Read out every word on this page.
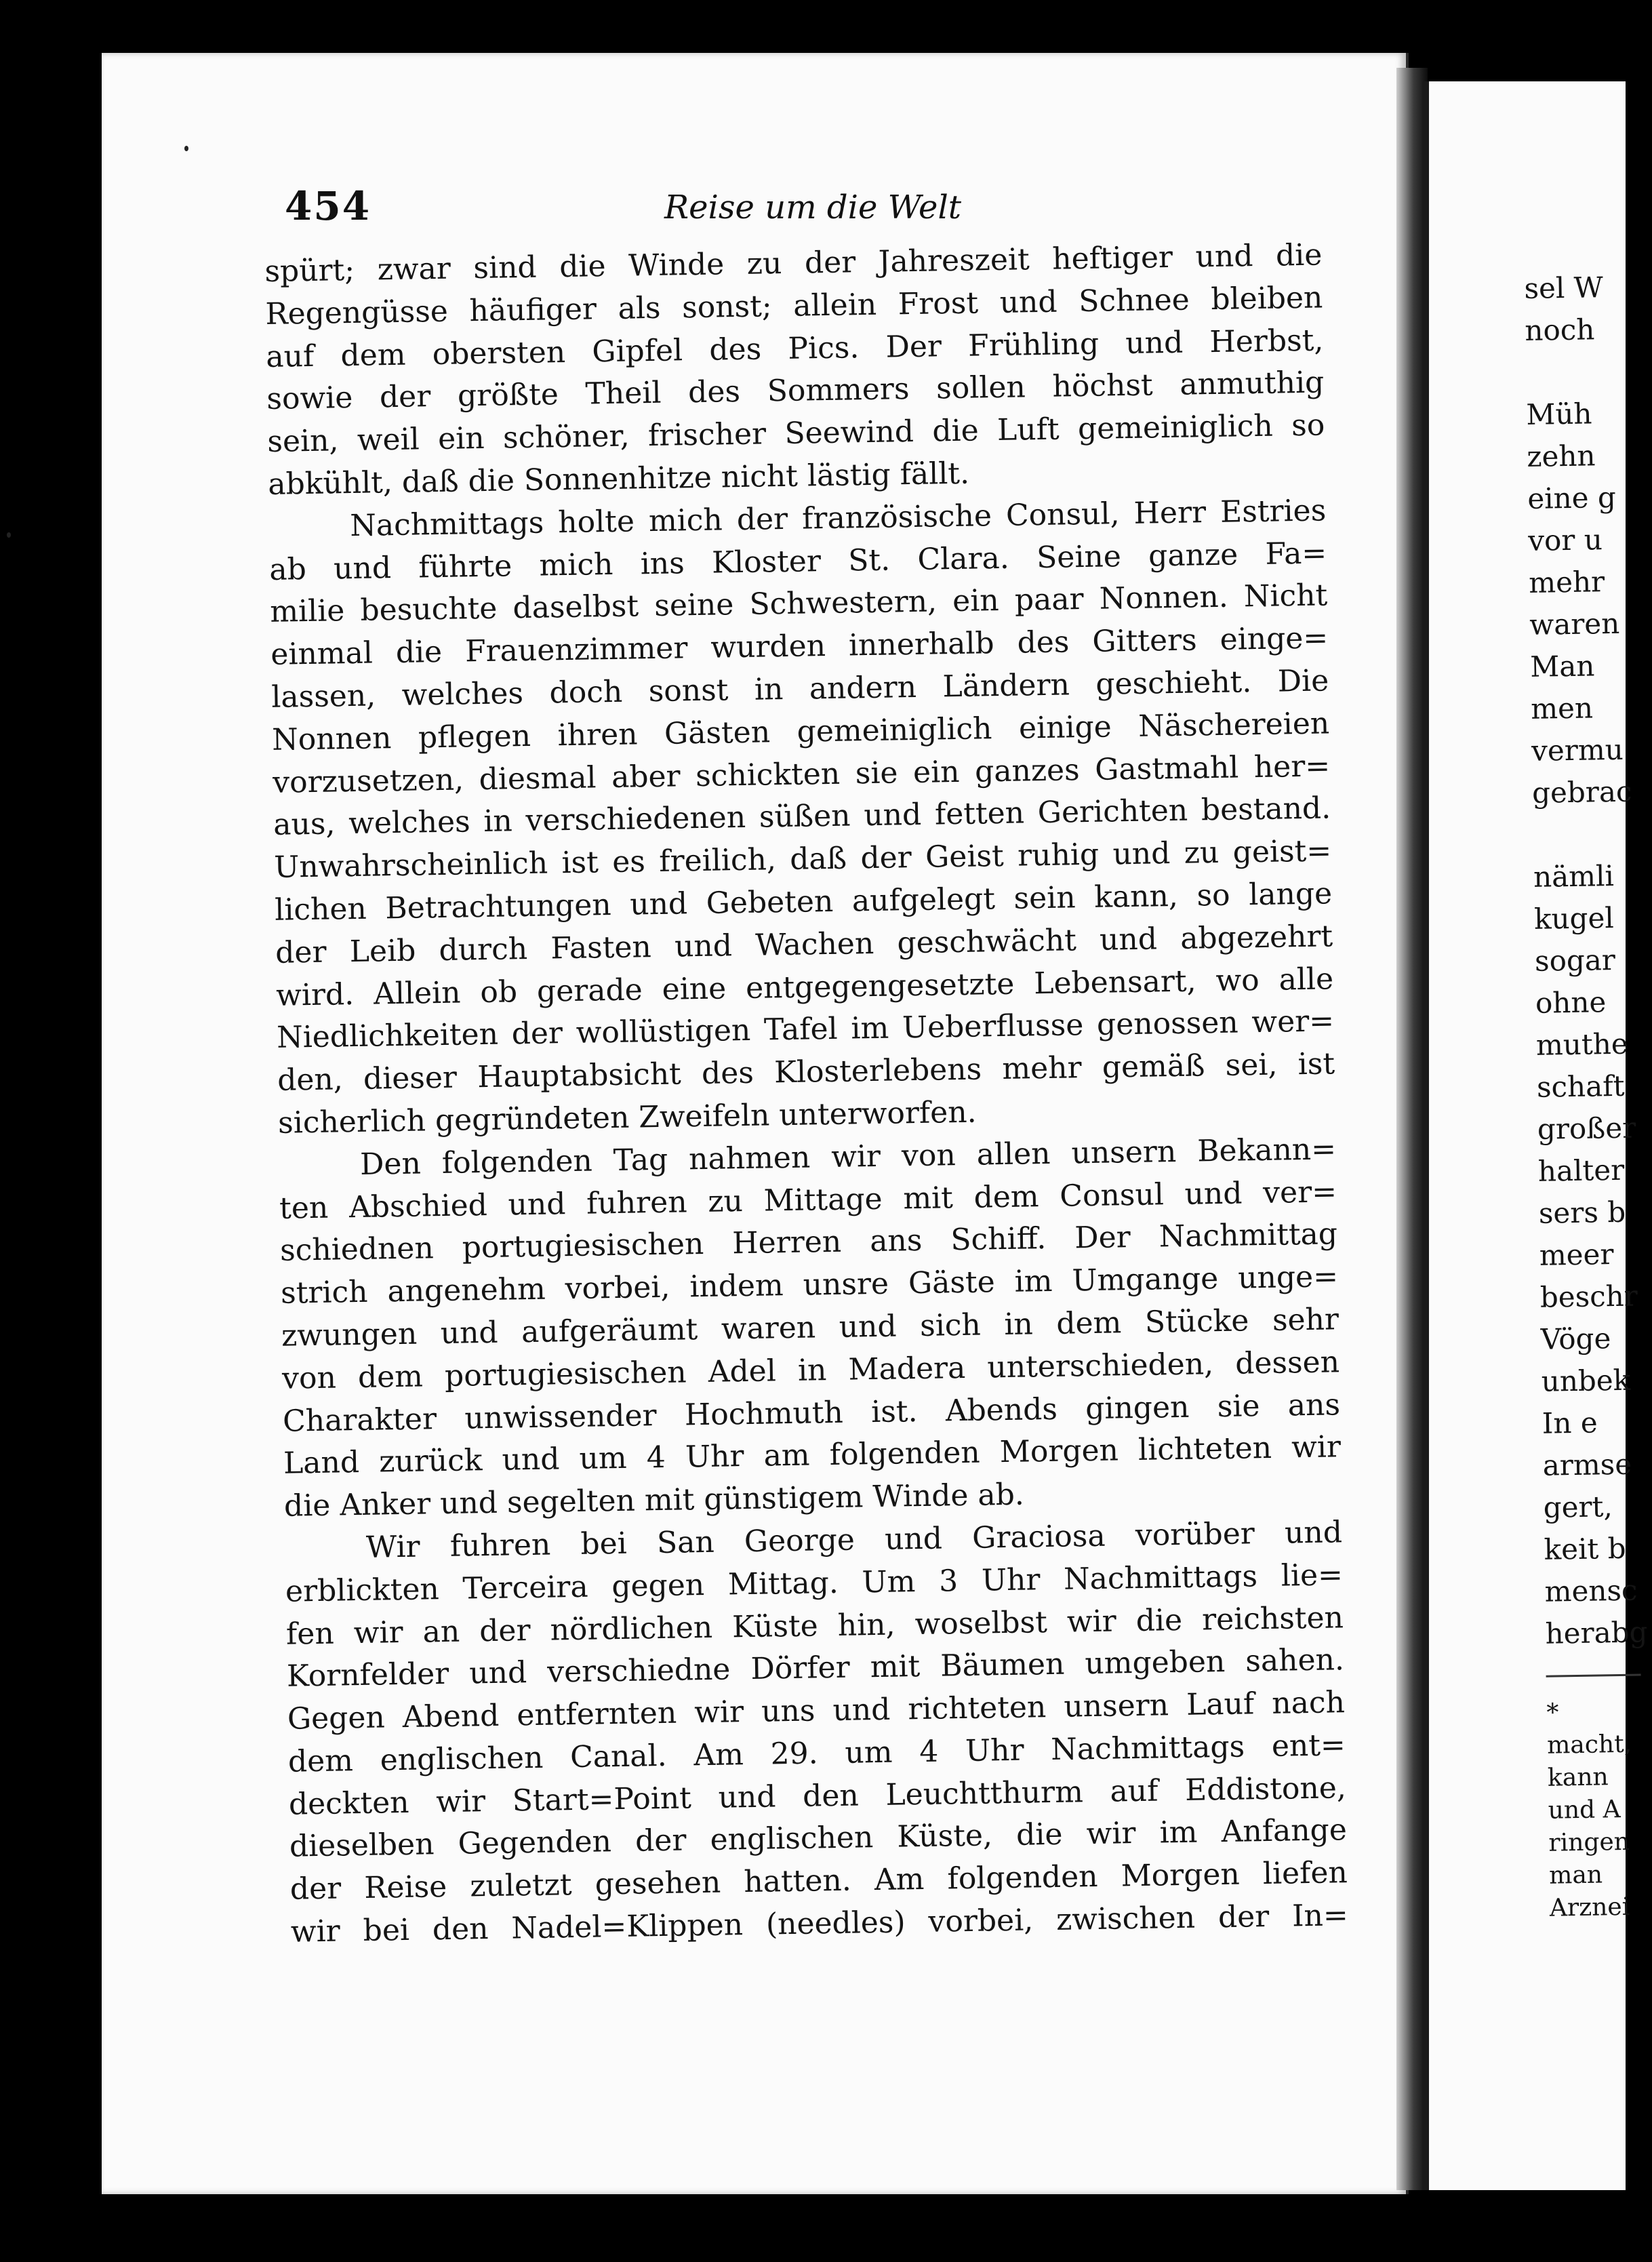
454	Reise um die Welt
spürt; zwar sind die Winde zu der Jahreszeit heftiger und die
Regengüsse häufiger als sonst; allein Frost und Schnee bleiben
auf dem obersten Gipfel des Pics. Der Frühling und Herbst,
sowie der größte Theil des Sommers sollen höchst anmuthig
sein, weil ein schöner, frischer Seewind die Luft gemeiniglich so
abkühlt, daß die Sonnenhitze nicht lästig fällt.
Nachmittags holte mich der französische Consul, Herr Estries
ab und führte mich ins Kloster St. Clara. Seine ganze Fa=
milie besuchte daselbst seine Schwestern, ein paar Nonnen. Nicht
einmal die Frauenzimmer wurden innerhalb des Gitters einge=
lassen, welches doch sonst in andern Ländern geschieht. Die
Nonnen pflegen ihren Gästen gemeiniglich einige Näschereien
vorzusetzen, diesmal aber schickten sie ein ganzes Gastmahl her=
aus, welches in verschiedenen süßen und fetten Gerichten bestand.
Unwahrscheinlich ist es freilich, daß der Geist ruhig und zu geist=
lichen Betrachtungen und Gebeten aufgelegt sein kann, so lange
der Leib durch Fasten und Wachen geschwächt und abgezehrt
wird. Allein ob gerade eine entgegengesetzte Lebensart, wo alle
Niedlichkeiten der wollüstigen Tafel im Ueberflusse genossen wer=
den, dieser Hauptabsicht des Klosterlebens mehr gemäß sei, ist
sicherlich gegründeten Zweifeln unterworfen.
Den folgenden Tag nahmen wir von allen unsern Bekann=
ten Abschied und fuhren zu Mittage mit dem Consul und ver=
schiednen portugiesischen Herren ans Schiff. Der Nachmittag
strich angenehm vorbei, indem unsre Gäste im Umgange unge=
zwungen und aufgeräumt waren und sich in dem Stücke sehr
von dem portugiesischen Adel in Madera unterschieden, dessen
Charakter unwissender Hochmuth ist. Abends gingen sie ans
Land zurück und um 4 Uhr am folgenden Morgen lichteten wir
die Anker und segelten mit günstigem Winde ab.
Wir fuhren bei San George und Graciosa vorüber und
erblickten Terceira gegen Mittag. Um 3 Uhr Nachmittags lie=
fen wir an der nördlichen Küste hin, woselbst wir die reichsten
Kornfelder und verschiedne Dörfer mit Bäumen umgeben sahen.
Gegen Abend entfernten wir uns und richteten unsern Lauf nach
dem englischen Canal. Am 29. um 4 Uhr Nachmittags ent=
deckten wir Start=Point und den Leuchtthurm auf Eddistone,
dieselben Gegenden der englischen Küste, die wir im Anfange
der Reise zuletzt gesehen hatten. Am folgenden Morgen liefen
wir bei den Nadel=Klippen (needles) vorbei, zwischen der In=
sel W
noch
Müh
zehn
eine g
vor u
mehr
waren
Man
men
vermu
gebrac
nämli
kugel
sogar
ohne
muthe
schaft
großer
halter
sers b
meer
beschr
Vöge
unbek
In e
armse
gert,
keit b
mensc
herabg
*
macht,
kann
und A
ringen
man
Arznei
